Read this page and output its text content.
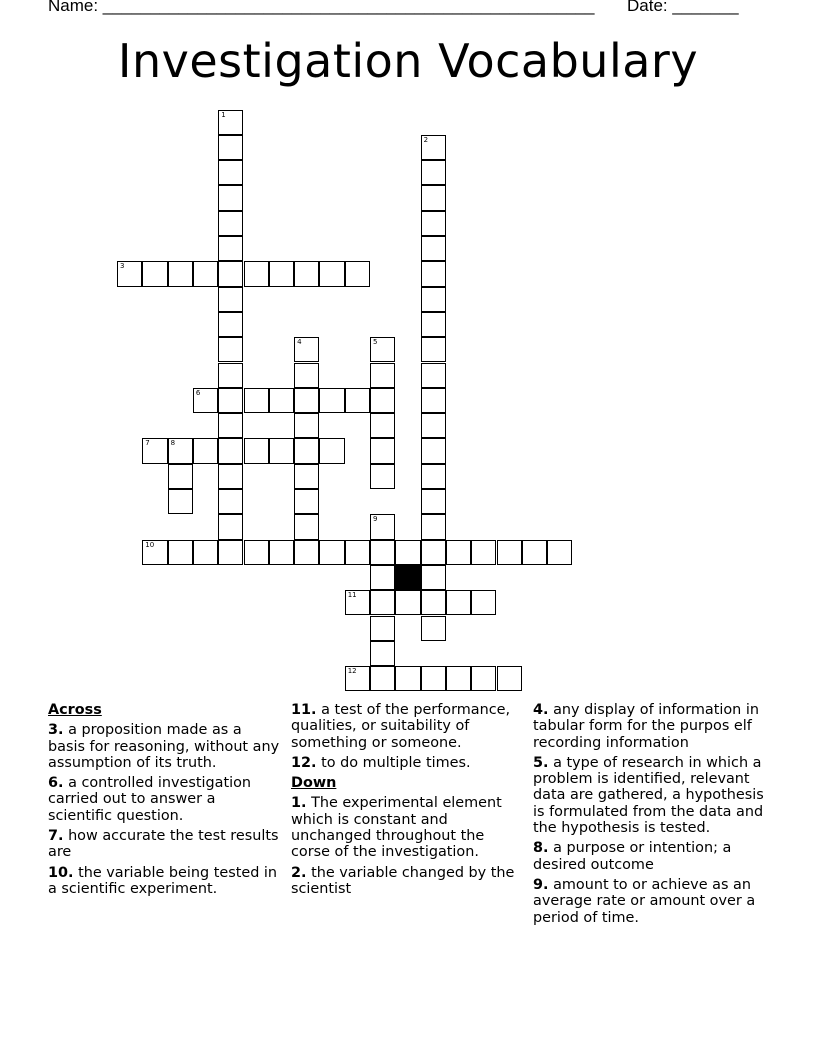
Name: ____________________________________________________ Date: _______
Investigation Vocabulary
1
2
3
4	5
6
7	8
9
10
11
12
Across
3. a proposition made as a basis for reasoning, without any assumption of its truth.
6. a controlled investigation carried out to answer a scientific question.
7. how accurate the test results are
10. the variable being tested in a scientific experiment.
11. a test of the performance, qualities, or suitability of something or someone.
12. to do multiple times.
Down
1. The experimental element which is constant and unchanged throughout the corse of the investigation.
2. the variable changed by the scientist
4. any display of information in tabular form for the purpos elf recording information
5. a type of research in which a problem is identified, relevant data are gathered, a hypothesis is formulated from the data and the hypothesis is tested.
8. a purpose or intention; a desired outcome
9. amount to or achieve as an average rate or amount over a period of time.
